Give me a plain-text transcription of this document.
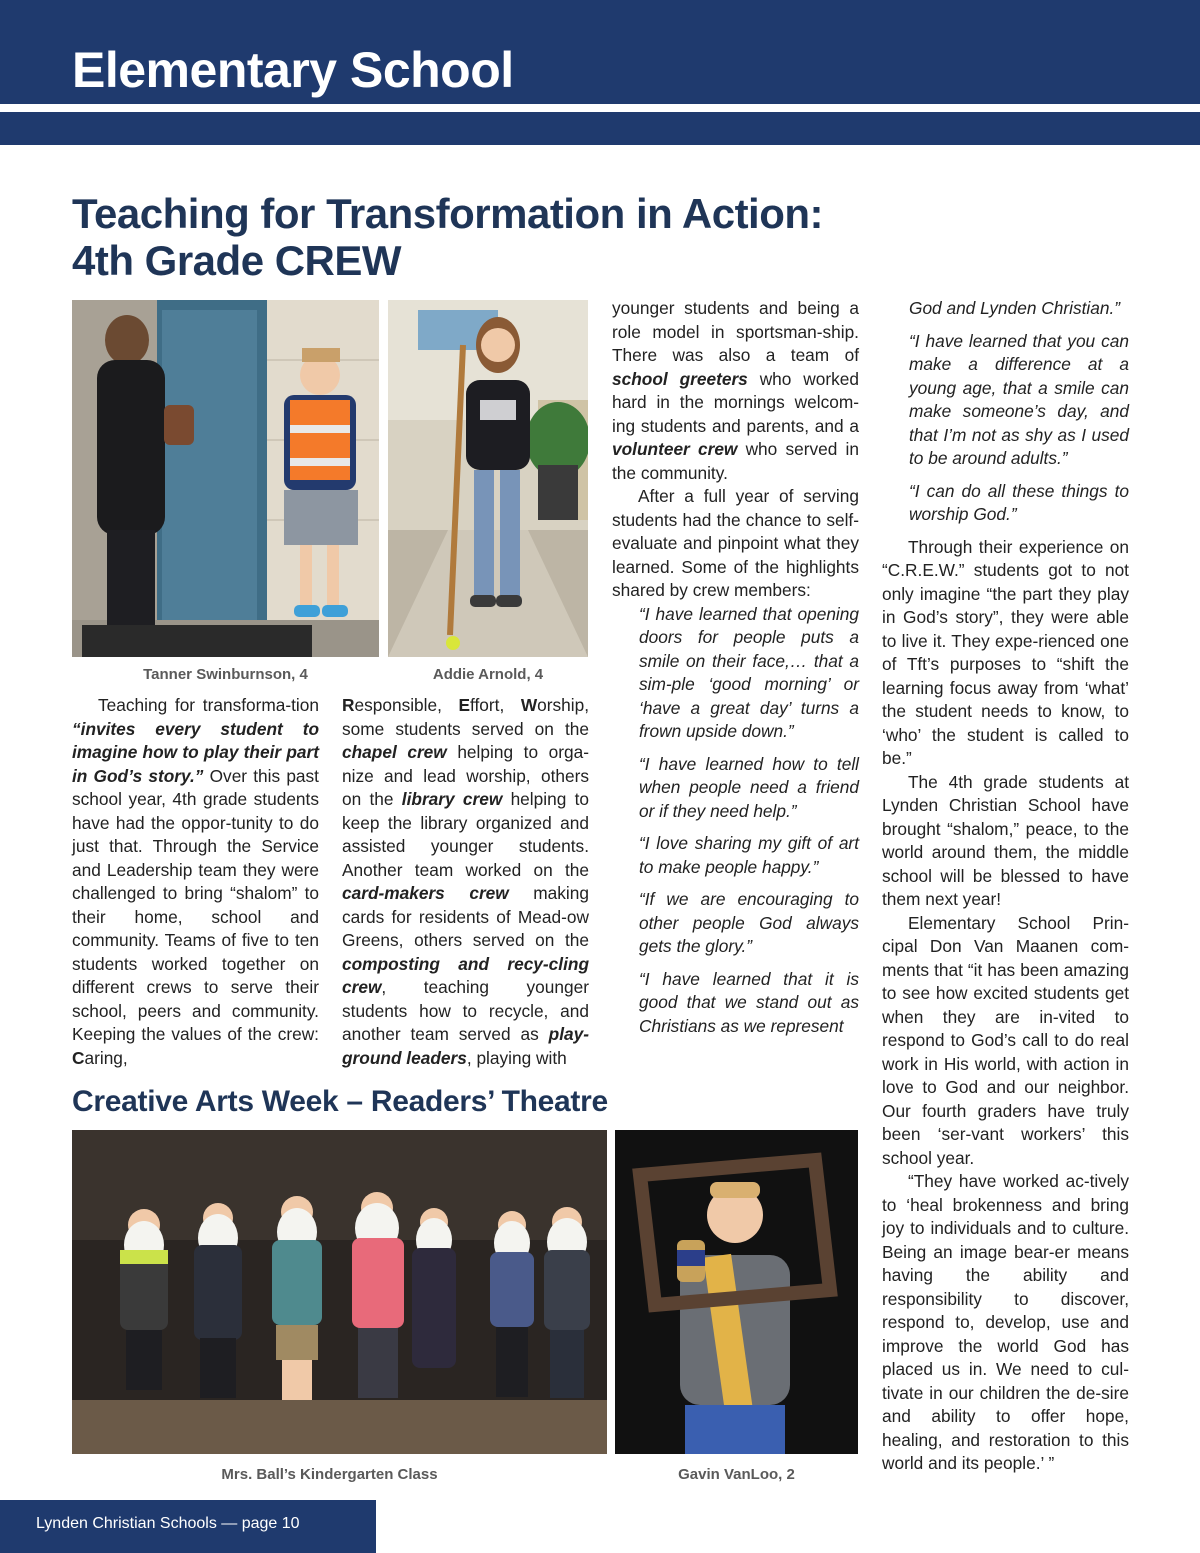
Elementary School
Teaching for Transformation in Action:
4th Grade CREW
Tanner Swinburnson, 4	Addie Arnold, 4

Teaching for transforma-tion “invites every student to imagine how to play their part in God’s story.” Over this past school year, 4th grade students have had the oppor-tunity to do just that. Through the Service and Leadership team they were challenged to bring “shalom” to their home, school and community. Teams of five to ten students worked together on different crews to serve their school, peers and community. Keeping the values of the crew: Caring,

Responsible, Effort, Worship, some students served on the chapel crew helping to orga-nize and lead worship, others on the library crew helping to keep the library organized and assisted younger students. Another team worked on the card-makers crew making cards for residents of Mead-ow Greens, others served on the composting and recy-cling crew, teaching younger students how to recycle, and another team served as play-ground leaders, playing with

younger students and being a role model in sportsman-ship. There was also a team of school greeters who worked hard in the mornings welcom-ing students and parents, and a volunteer crew who served in the community.

After a full year of serving students had the chance to self-evaluate and pinpoint what they learned. Some of the highlights shared by crew members:

“I have learned that opening doors for people puts a smile on their face,… that a sim-ple ‘good morning’ or ‘have a great day’ turns a frown upside down.”

“I have learned how to tell when people need a friend or if they need help.”

“I love sharing my gift of art to make people happy.”

“If we are encouraging to other people God always gets the glory.”

“I have learned that it is good that we stand out as Christians as we represent

God and Lynden Christian.”

“I have learned that you can make a difference at a young age, that a smile can make someone’s day, and that I’m not as shy as I used to be around adults.”

“I can do all these things to worship God.”

Through their experience on “C.R.E.W.” students got to not only imagine “the part they play in God’s story”, they were able to live it. They expe-rienced one of Tft’s purposes to “shift the learning focus away from ‘what’ the student needs to know, to ‘who’ the student is called to be.”

The 4th grade students at Lynden Christian School have brought “shalom,” peace, to the world around them, the middle school will be blessed to have them next year!

Elementary School Prin-cipal Don Van Maanen com-ments that “it has been amazing to see how excited students get when they are in-vited to respond to God’s call to do real work in His world, with action in love to God and our neighbor. Our fourth graders have truly been ‘ser-vant workers’ this school year.

“They have worked ac-tively to ‘heal brokenness and bring joy to individuals and to culture. Being an image bear-er means having the ability and responsibility to discover, respond to, develop, use and improve the world God has placed us in. We need to cul-tivate in our children the de-sire and ability to offer hope, healing, and restoration to this world and its people.’ ”

Creative Arts Week – Readers’ Theatre
Mrs. Ball’s Kindergarten Class	Gavin VanLoo, 2
Lynden Christian Schools — page 10
